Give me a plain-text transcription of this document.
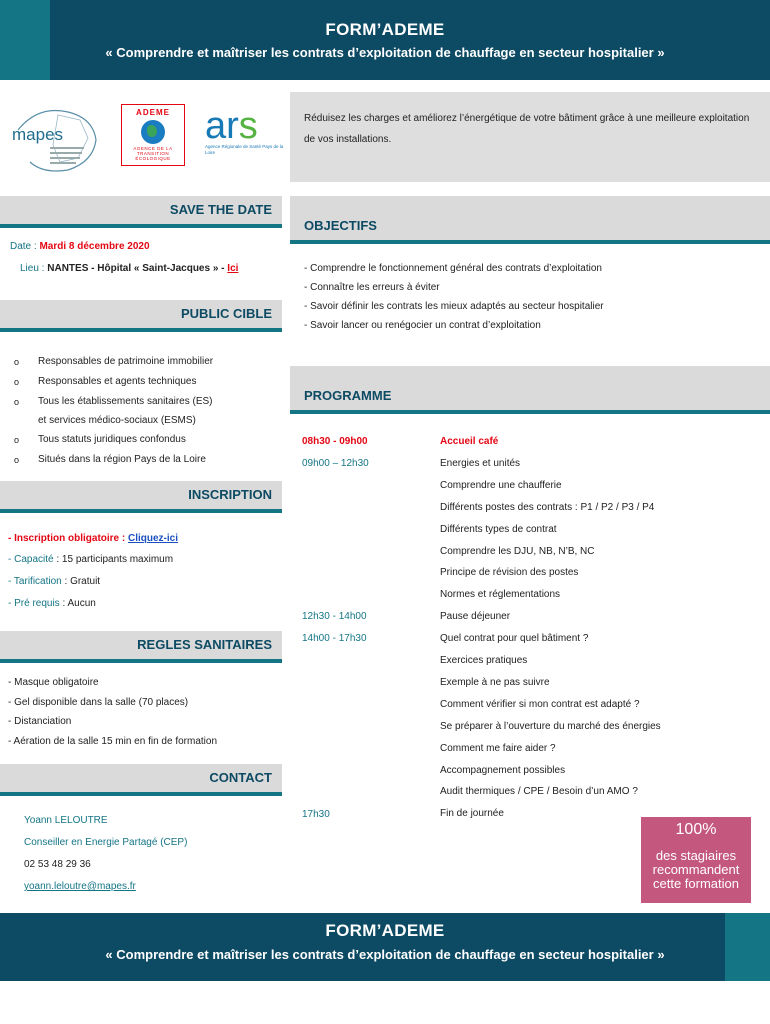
FORM’ADEME
« Comprendre et maîtriser les contrats d’exploitation de chauffage en secteur hospitalier »
mapes
ADEME
AGENCE DE LA TRANSITION ÉCOLOGIQUE
ars
Agence Régionale de Santé Pays de la Loire

Réduisez les charges et améliorez l’énergétique de votre bâtiment grâce à une meilleure exploitation de vos installations.

SAVE THE DATE
Date : Mardi 8 décembre 2020
Lieu : NANTES - Hôpital « Saint-Jacques » - Ici
PUBLIC CIBLE
Responsables de patrimoine immobilier
o
Responsables et agents techniques
o
Tous les établissements sanitaires (ES)
o
et services médico-sociaux (ESMS)
Tous statuts juridiques confondus
o
Situés dans la région Pays de la Loire
o
INSCRIPTION
- Inscription obligatoire : Cliquez-ici
- Capacité : 15 participants maximum
- Tarification : Gratuit
- Pré requis : Aucun
REGLES SANITAIRES
- Masque obligatoire
- Gel disponible dans la salle (70 places)
- Distanciation
- Aération de la salle 15 min en fin de formation
CONTACT
Yoann LELOUTRE
Conseiller en Energie Partagé (CEP)
02 53 48 29 36
yoann.leloutre@mapes.fr
OBJECTIFS
- Comprendre le fonctionnement général des contrats d’exploitation
- Connaître les erreurs à éviter
- Savoir définir les contrats les mieux adaptés au secteur hospitalier
- Savoir lancer ou renégocier un contrat d’exploitation
PROGRAMME
08h30 - 09h00
09h00 – 12h30
12h30 - 14h00
14h00 - 17h30
17h30
Accueil café
Energies et unités
Comprendre une chaufferie
Différents postes des contrats : P1 / P2 / P3 / P4
Différents types de contrat
Comprendre les DJU, NB, N’B, NC
Principe de révision des postes
Normes et réglementations
Pause déjeuner
Quel contrat pour quel bâtiment ?
Exercices pratiques
Exemple à ne pas suivre
Comment vérifier si mon contrat est adapté ?
Se préparer à l’ouverture du marché des énergies
Comment me faire aider ?
Accompagnement possibles
Audit thermiques / CPE / Besoin d’un AMO ?
Fin de journée
100%
des stagiaires
recommandent
cette formation
FORM’ADEME
« Comprendre et maîtriser les contrats d’exploitation de chauffage en secteur hospitalier »
